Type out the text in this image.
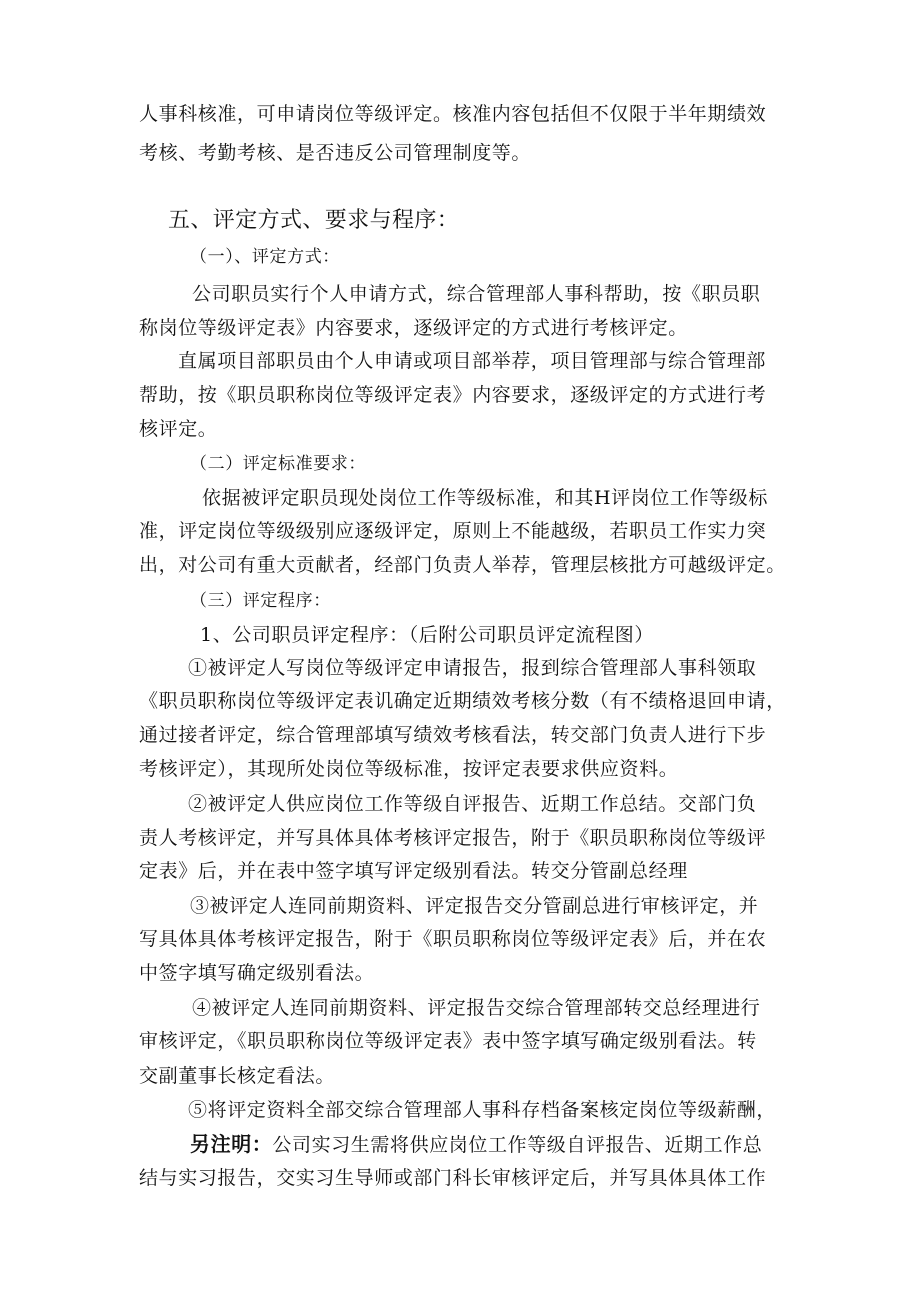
人事科核准，可申请岗位等级评定。核准内容包括但不仅限于半年期绩效

考核、考勤考核、是否违反公司管理制度等。

五、评定方式、要求与程序：

（一）、评定方式：

公司职员实行个人申请方式，综合管理部人事科帮助，按《职员职

称岗位等级评定表》内容要求，逐级评定的方式进行考核评定。

直属项目部职员由个人申请或项目部举荐，项目管理部与综合管理部

帮助，按《职员职称岗位等级评定表》内容要求，逐级评定的方式进行考

核评定。

（二）评定标准要求：

依据被评定职员现处岗位工作等级标准，和其H评岗位工作等级标

准，评定岗位等级级别应逐级评定，原则上不能越级，若职员工作实力突

出，对公司有重大贡献者，经部门负责人举荐，管理层核批方可越级评定。

（三）评定程序：

1、公司职员评定程序：（后附公司职员评定流程图）

①被评定人写岗位等级评定申请报告，报到综合管理部人事科领取

《职员职称岗位等级评定表讥确定近期绩效考核分数（有不绩格退回申请，

通过接者评定，综合管理部填写绩效考核看法，转交部门负责人进行下步

考核评定），其现所处岗位等级标准，按评定表要求供应资料。

②被评定人供应岗位工作等级自评报告、近期工作总结。交部门负

责人考核评定，并写具体具体考核评定报告，附于《职员职称岗位等级评

定表》后，并在表中签字填写评定级别看法。转交分管副总经理

③被评定人连同前期资料、评定报告交分管副总进行审核评定，并

写具体具体考核评定报告，附于《职员职称岗位等级评定表》后，并在农

中签字填写确定级别看法。

④被评定人连同前期资料、评定报告交综合管理部转交总经理进行

审核评定，《职员职称岗位等级评定表》表中签字填写确定级别看法。转

交副董事长核定看法。

⑤将评定资料全部交综合管理部人事科存档备案核定岗位等级薪酬，

另注明：公司实习生需将供应岗位工作等级自评报告、近期工作总

结与实习报告，交实习生导师或部门科长审核评定后，并写具体具体工作
